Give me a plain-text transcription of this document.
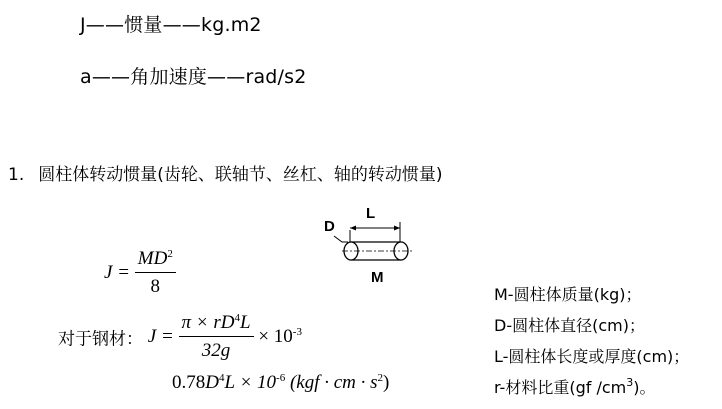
J——惯量——kg.m2
a——角加速度——rad/s2
1. 圆柱体转动惯量(齿轮、联轴节、丝杠、轴的转动惯量)
L
D
M
$J = \frac{MD^2}{8}$
对于钢材： $J = \frac{\pi \times rD^4L}{32g} \times 10^{-3}$
$0.78D^4L \times 10^{-6}$ (kgf · cm · $s^2$)
M-圆柱体质量(kg)；
D-圆柱体直径(cm)；
L-圆柱体长度或厚度(cm)；
r-材料比重(gf $/cm^3$)。
